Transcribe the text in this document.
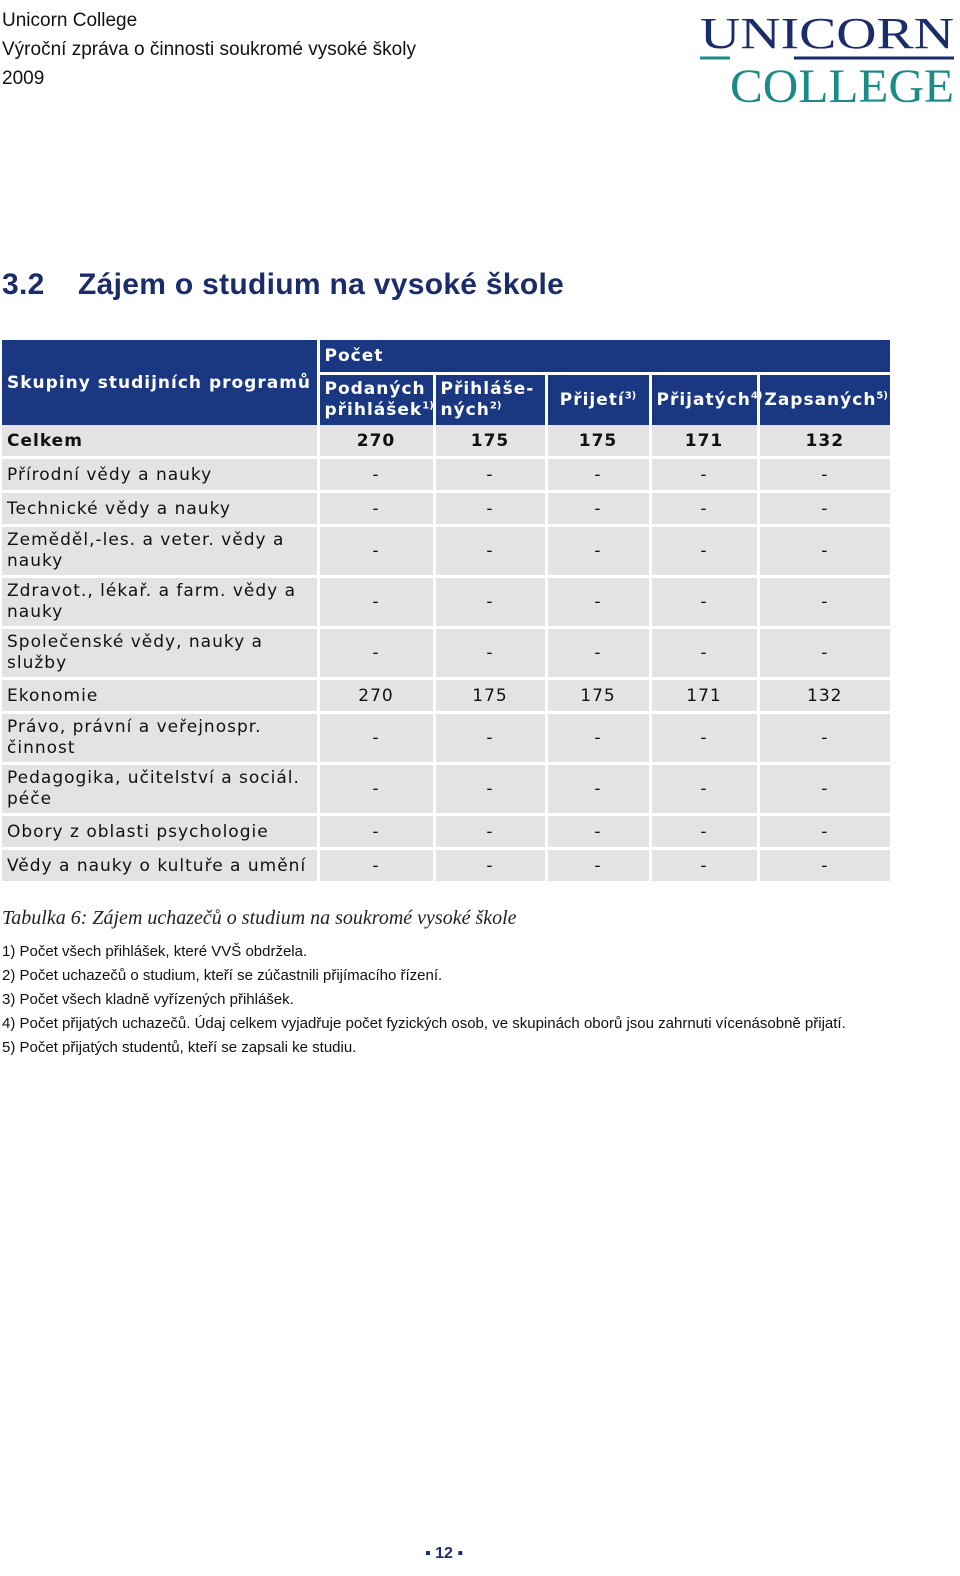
Unicorn College
Výroční zpráva o činnosti soukromé vysoké školy
2009
UNICORN
COLLEGE
3.2 Zájem o studium na vysoké škole
Skupiny studijních programů	Počet				
	Podaných přihlášek$^{1)}$	Přihláše-ných$^{2)}$	Přijetí$^{3)}$	Přijatých$^{4)}$	Zapsaných$^{5)}$
Celkem	270	175	175	171	132
Přírodní vědy a nauky	-	-	-	-	-
Technické vědy a nauky	-	-	-	-	-
Zeměděl,-les. a veter. vědy a nauky	-	-	-	-	-
Zdravot., lékař. a farm. vědy a nauky	-	-	-	-	-
Společenské vědy, nauky a služby	-	-	-	-	-
Ekonomie	270	175	175	171	132
Právo, právní a veřejnospr. činnost	-	-	-	-	-
Pedagogika, učitelství a sociál. péče	-	-	-	-	-
Obory z oblasti psychologie	-	-	-	-	-
Vědy a nauky o kultuře a umění	-	-	-	-	-
Tabulka 6: Zájem uchazečů o studium na soukromé vysoké škole

1) Počet všech přihlášek, které VVŠ obdržela.

2) Počet uchazečů o studium, kteří se zúčastnili přijímacího řízení.

3) Počet všech kladně vyřízených přihlášek.

4) Počet přijatých uchazečů. Údaj celkem vyjadřuje počet fyzických osob, ve skupinách oborů jsou zahrnuti vícenásobně přijatí.

5) Počet přijatých studentů, kteří se zapsali ke studiu.

▪ 12 ▪
